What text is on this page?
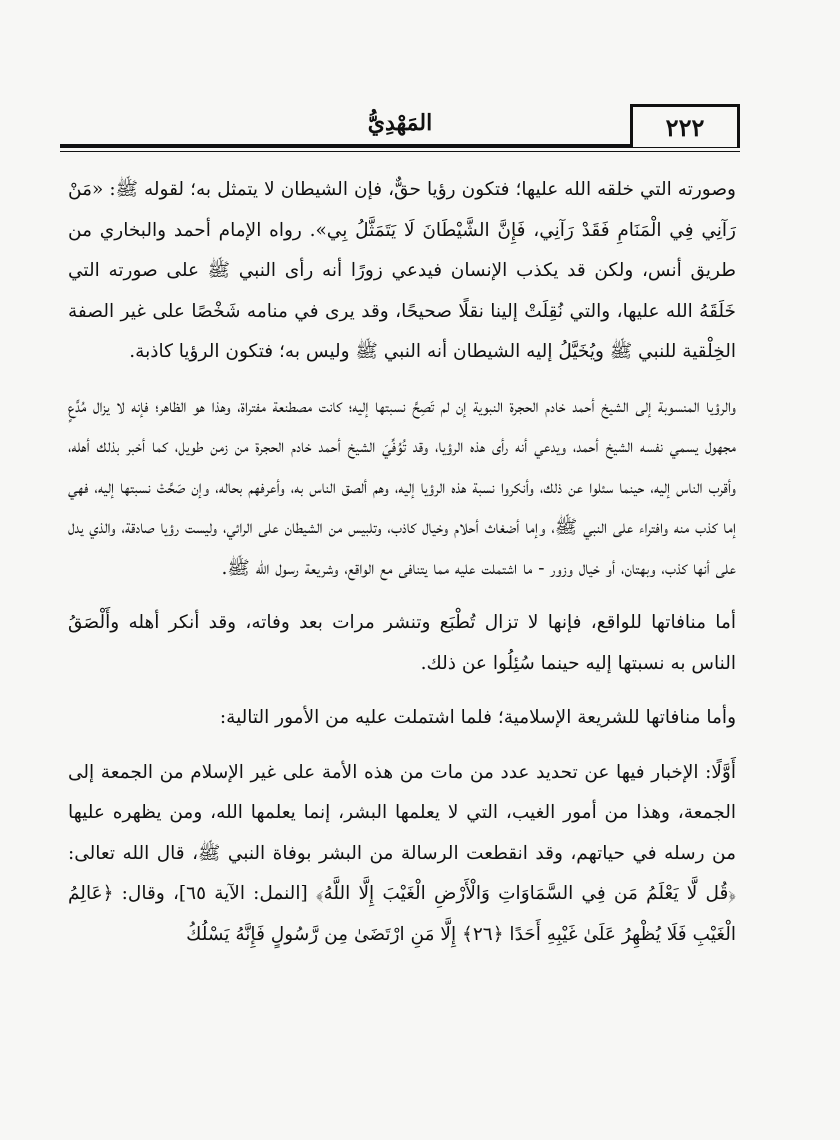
٢٢٢
المَهْدِيُّ

وصورته التي خلقه الله عليها؛ فتكون رؤيا حقٌّ، فإن الشيطان لا يتمثل به؛ لقوله ﷺ: «مَنْ رَآنِي فِي الْمَنَامِ فَقَدْ رَآنِي، فَإِنَّ الشَّيْطَانَ لَا يَتَمَثَّلُ بِي». رواه الإمام أحمد والبخاري من طريق أنس، ولكن قد يكذب الإنسان فيدعي زورًا أنه رأى النبي ﷺ على صورته التي خَلَقَهُ الله عليها، والتي نُقِلَتْ إلينا نقلًا صحيحًا، وقد يرى في منامه شَخْصًا على غير الصفة الخِلْقية للنبي ﷺ ويُخَيَّلُ إليه الشيطان أنه النبي ﷺ وليس به؛ فتكون الرؤيا كاذبة.

والرؤيا المنسوبة إلى الشيخ أحمد خادم الحجرة النبوية إن لم تَصِحَّ نسبتها إليه؛ كانت مصطنعة مفتراة، وهذا هو الظاهر؛ فإنه لا يزال مُدَّعٍ مجهول يسمي نفسه الشيخ أحمد، ويدعي أنه رأى هذه الرؤيا، وقد تُوُفِّيَ الشيخ أحمد خادم الحجرة من زمن طويل، كما أخبر بذلك أهله، وأقرب الناس إليه، حينما سئلوا عن ذلك، وأنكروا نسبة هذه الرؤيا إليه، وهم ألصق الناس به، وأعرفهم بحاله، وإن صَحَّتْ نسبتها إليه، فهي إما كذب منه وافتراء على النبي ﷺ، وإما أضغاث أحلام وخيال كاذب، وتلبيس من الشيطان على الرائي، وليست رؤيا صادقة، والذي يدل على أنها كذب، وبهتان، أو خيال وزور - ما اشتملت عليه مما يتنافى مع الواقع، وشريعة رسول الله ﷺ.

أما منافاتها للواقع، فإنها لا تزال تُطْبَع وتنشر مرات بعد وفاته، وقد أنكر أهله وأَلْصَقُ الناس به نسبتها إليه حينما سُئِلُوا عن ذلك.

وأما منافاتها للشريعة الإسلامية؛ فلما اشتملت عليه من الأمور التالية:

أَوَّلًا: الإخبار فيها عن تحديد عدد من مات من هذه الأمة على غير الإسلام من الجمعة إلى الجمعة، وهذا من أمور الغيب، التي لا يعلمها البشر، إنما يعلمها الله، ومن يظهره عليها من رسله في حياتهم، وقد انقطعت الرسالة من البشر بوفاة النبي ﷺ، قال الله تعالى: ﴿قُل لَّا يَعْلَمُ مَن فِي السَّمَاوَاتِ وَالْأَرْضِ الْغَيْبَ إِلَّا اللَّهُ﴾ [النمل: الآية ٦٥]، وقال: ﴿عَالِمُ الْغَيْبِ فَلَا يُظْهِرُ عَلَىٰ غَيْبِهِ أَحَدًا ﴿٢٦﴾ إِلَّا مَنِ ارْتَضَىٰ مِن رَّسُولٍ فَإِنَّهُ يَسْلُكُ
